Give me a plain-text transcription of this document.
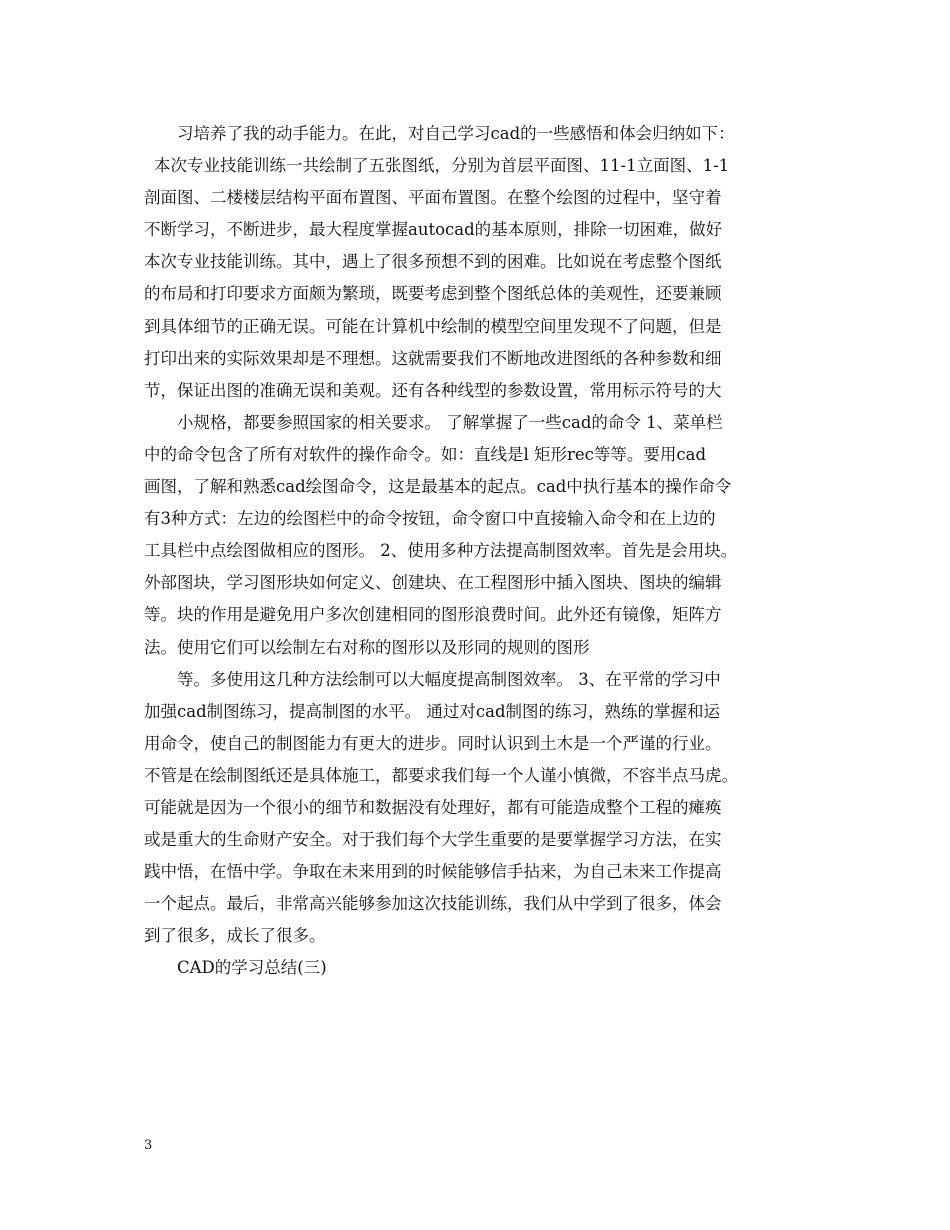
习培养了我的动手能力。在此，对自己学习cad的一些感悟和体会归纳如下：
本次专业技能训练一共绘制了五张图纸，分别为首层平面图、11-1立面图、1-1
剖面图、二楼楼层结构平面布置图、平面布置图。在整个绘图的过程中，坚守着
不断学习，不断进步，最大程度掌握autocad的基本原则，排除一切困难，做好
本次专业技能训练。其中，遇上了很多预想不到的困难。比如说在考虑整个图纸
的布局和打印要求方面颇为繁琐，既要考虑到整个图纸总体的美观性，还要兼顾
到具体细节的正确无误。可能在计算机中绘制的模型空间里发现不了问题，但是
打印出来的实际效果却是不理想。这就需要我们不断地改进图纸的各种参数和细
节，保证出图的准确无误和美观。还有各种线型的参数设置，常用标示符号的大
小规格，都要参照国家的相关要求。 了解掌握了一些cad的命令 1、菜单栏
中的命令包含了所有对软件的操作命令。如：直线是l 矩形rec等等。要用cad
画图，了解和熟悉cad绘图命令，这是最基本的起点。cad中执行基本的操作命令
有3种方式：左边的绘图栏中的命令按钮，命令窗口中直接输入命令和在上边的
工具栏中点绘图做相应的图形。 2、使用多种方法提高制图效率。首先是会用块。
外部图块，学习图形块如何定义、创建块、在工程图形中插入图块、图块的编辑
等。块的作用是避免用户多次创建相同的图形浪费时间。此外还有镜像，矩阵方
法。使用它们可以绘制左右对称的图形以及形同的规则的图形
等。多使用这几种方法绘制可以大幅度提高制图效率。 3、在平常的学习中
加强cad制图练习，提高制图的水平。 通过对cad制图的练习，熟练的掌握和运
用命令，使自己的制图能力有更大的进步。同时认识到土木是一个严谨的行业。
不管是在绘制图纸还是具体施工，都要求我们每一个人谨小慎微，不容半点马虎。
可能就是因为一个很小的细节和数据没有处理好，都有可能造成整个工程的瘫痪
或是重大的生命财产安全。对于我们每个大学生重要的是要掌握学习方法，在实
践中悟，在悟中学。争取在未来用到的时候能够信手拈来，为自己未来工作提高
一个起点。最后，非常高兴能够参加这次技能训练，我们从中学到了很多，体会
到了很多，成长了很多。
CAD的学习总结(三)
3
